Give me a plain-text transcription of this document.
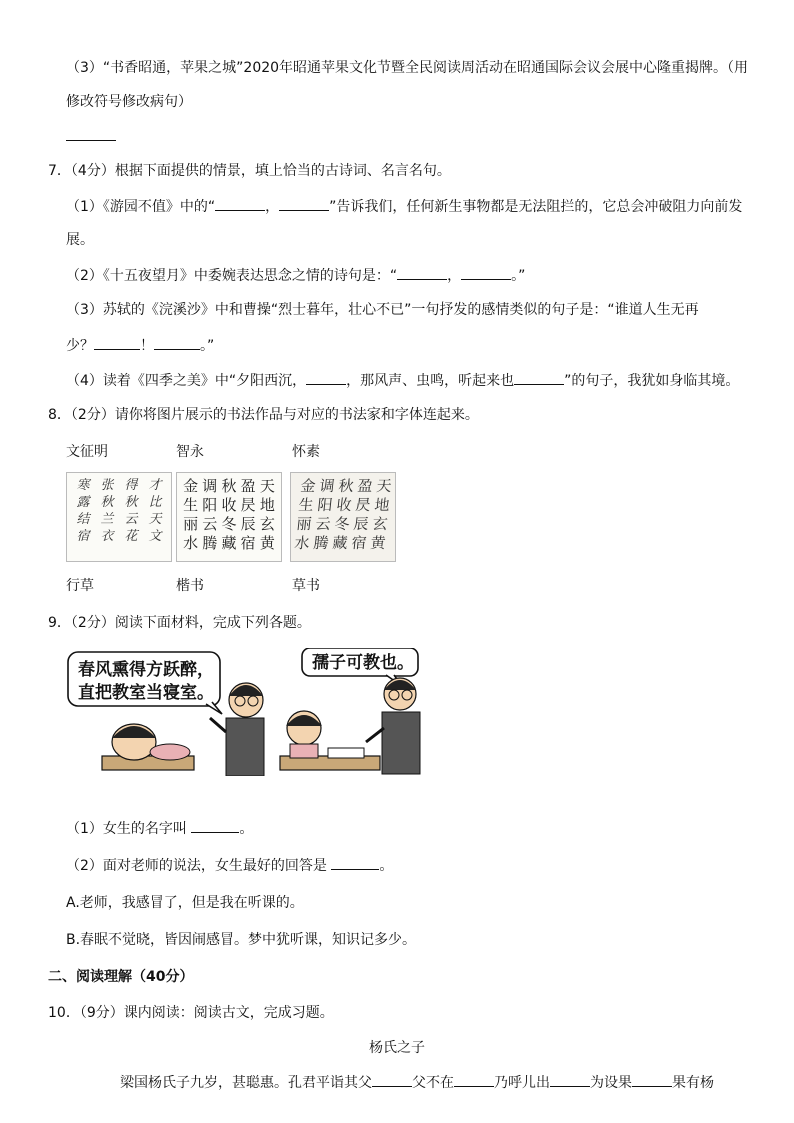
（3）“书香昭通，苹果之城”2020年昭通苹果文化节暨全民阅读周活动在昭通国际会议会展中心隆重揭牌。（用
修改符号修改病句）
7．（4分）根据下面提供的情景，填上恰当的古诗词、名言名句。
（1）《游园不值》中的“	，	”告诉我们，任何新生事物都是无法阻拦的，它总会冲破阻力向前发
展。
（2）《十五夜望月》中委婉表达思念之情的诗句是：“	，	。”
（3）苏轼的《浣溪沙》中和曹操“烈士暮年，壮心不已”一句抒发的感情类似的句子是：“谁道人生无再
少？	！	。”
（4）读着《四季之美》中“夕阳西沉，	，那风声、虫鸣，听起来也	”的句子，我犹如身临其境。
8．（2分）请你将图片展示的书法作品与对应的书法家和字体连起来。
文征明	智永	怀素
才比天文
得秋云花
张秋兰衣
寒露结宿
天地玄黄
盈昃辰宿
秋收冬藏
调阳云腾
金生丽水
天地玄黄
盈昃辰宿
秋收冬藏
调阳云腾
金生丽水
行草	楷书	草书
9．（2分）阅读下面材料，完成下列各题。
春风熏得方跃醉，
直把教室当寝室。
孺子可教也。
（1）女生的名字叫	。
（2）面对老师的说法，女生最好的回答是	。
A.老师，我感冒了，但是我在听课的。
B.春眠不觉晓，皆因闹感冒。梦中犹听课，知识记多少。
二、阅读理解（40分）
10．（9分）课内阅读：阅读古文，完成习题。
杨氏之子
梁国杨氏子九岁，甚聪惠。孔君平诣其父	父不在	乃呼儿出	为设果	果有杨
